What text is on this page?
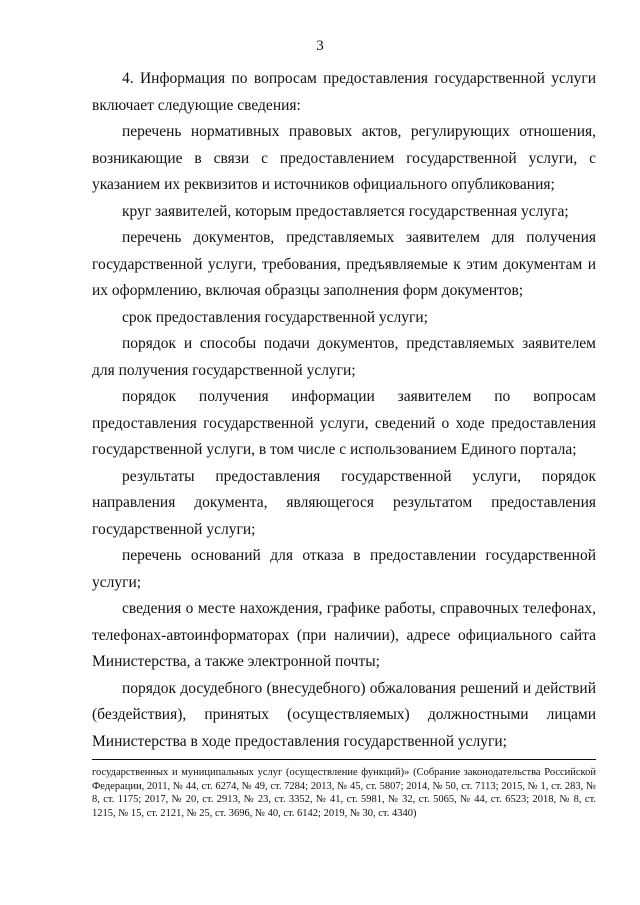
3

4. Информация по вопросам предоставления государственной услуги включает следующие сведения:

перечень нормативных правовых актов, регулирующих отношения, возникающие в связи с предоставлением государственной услуги, с указанием их реквизитов и источников официального опубликования;

круг заявителей, которым предоставляется государственная услуга;

перечень документов, представляемых заявителем для получения государственной услуги, требования, предъявляемые к этим документам и их оформлению, включая образцы заполнения форм документов;

срок предоставления государственной услуги;

порядок и способы подачи документов, представляемых заявителем для получения государственной услуги;

порядок получения информации заявителем по вопросам предоставления государственной услуги, сведений о ходе предоставления государственной услуги, в том числе с использованием Единого портала;

результаты предоставления государственной услуги, порядок направления документа, являющегося результатом предоставления государственной услуги;

перечень оснований для отказа в предоставлении государственной услуги;

сведения о месте нахождения, графике работы, справочных телефонах, телефонах-автоинформаторах (при наличии), адресе официального сайта Министерства, а также электронной почты;

порядок досудебного (внесудебного) обжалования решений и действий (бездействия), принятых (осуществляемых) должностными лицами Министерства в ходе предоставления государственной услуги;

государственных и муниципальных услуг (осуществление функций)» (Собрание законодательства Российской Федерации, 2011, № 44, ст. 6274, № 49, ст. 7284; 2013, № 45, ст. 5807; 2014, № 50, ст. 7113; 2015, № 1, ст. 283, № 8, ст. 1175; 2017, № 20, ст. 2913, № 23, ст. 3352, № 41, ст. 5981, № 32, ст. 5065, № 44, ст. 6523; 2018, № 8, ст. 1215, № 15, ст. 2121, № 25, ст. 3696, № 40, ст. 6142; 2019, № 30, ст. 4340)
